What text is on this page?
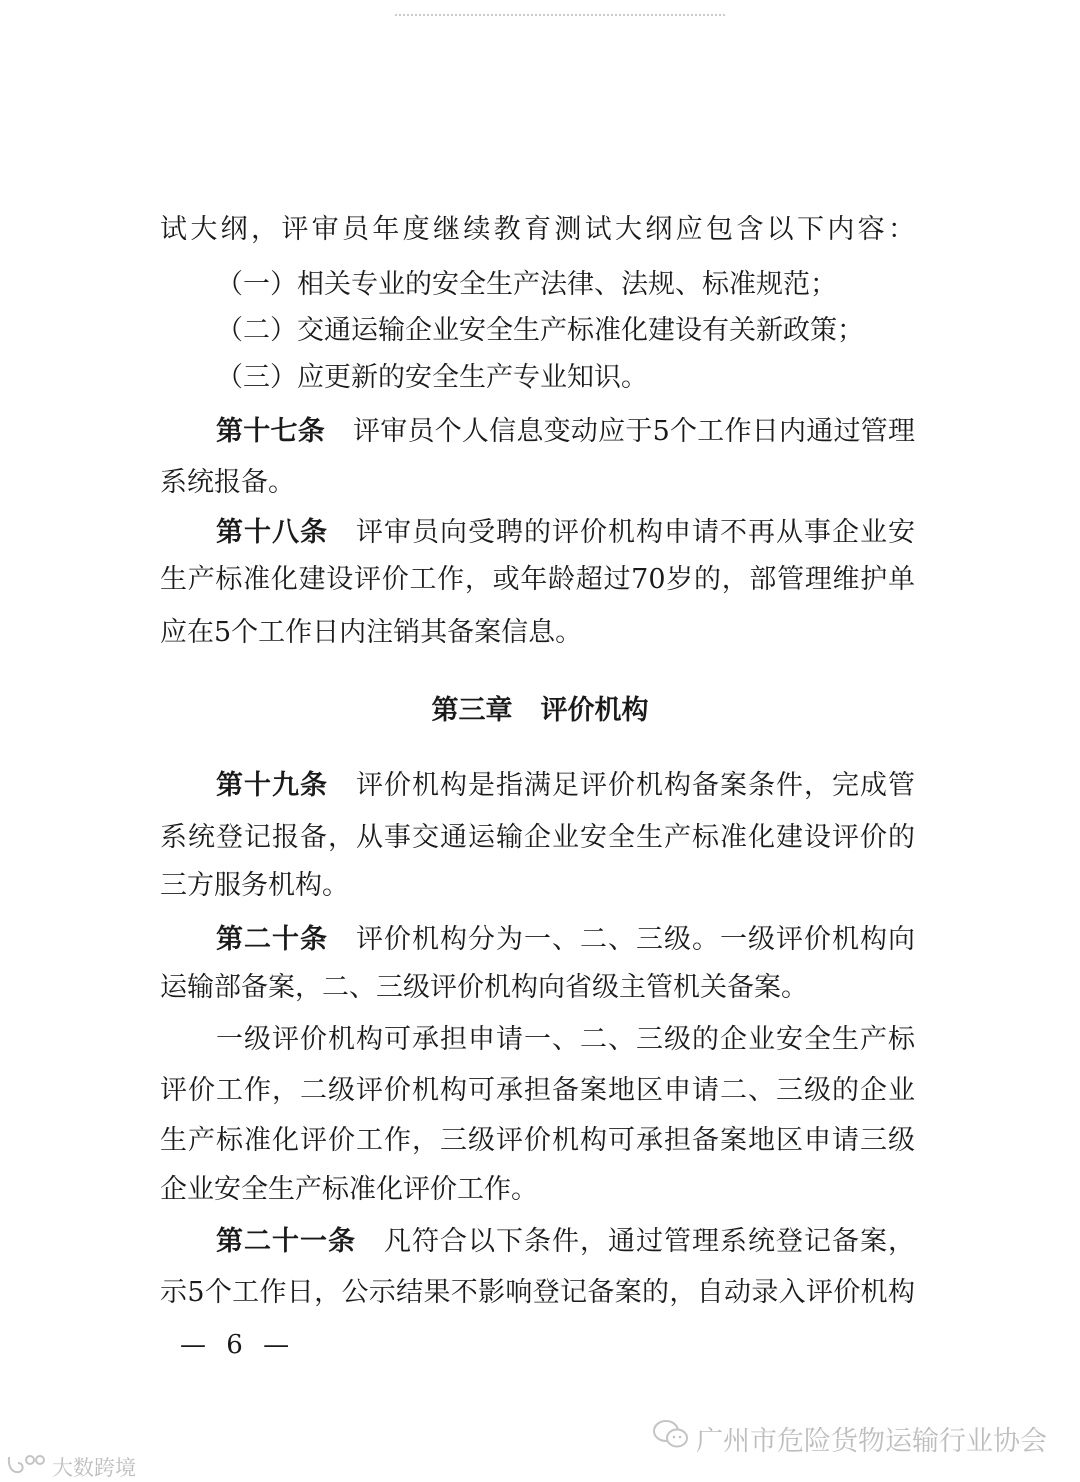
试大纲，评审员年度继续教育测试大纲应包含以下内容：
（一）相关专业的安全生产法律、法规、标准规范；
（二）交通运输企业安全生产标准化建设有关新政策；
（三）应更新的安全生产专业知识。
第十七条 评审员个人信息变动应于5个工作日内通过管理
系统报备。
第十八条 评审员向受聘的评价机构申请不再从事企业安
生产标准化建设评价工作，或年龄超过70岁的，部管理维护单
应在5个工作日内注销其备案信息。
第三章 评价机构
第十九条 评价机构是指满足评价机构备案条件，完成管
系统登记报备，从事交通运输企业安全生产标准化建设评价的
三方服务机构。
第二十条 评价机构分为一、二、三级。一级评价机构向
运输部备案，二、三级评价机构向省级主管机关备案。
一级评价机构可承担申请一、二、三级的企业安全生产标
评价工作，二级评价机构可承担备案地区申请二、三级的企业
生产标准化评价工作，三级评价机构可承担备案地区申请三级
企业安全生产标准化评价工作。
第二十一条 凡符合以下条件，通过管理系统登记备案，
示5个工作日，公示结果不影响登记备案的，自动录入评价机构
— 6 —
广州市危险货物运输行业协会
大数跨境
